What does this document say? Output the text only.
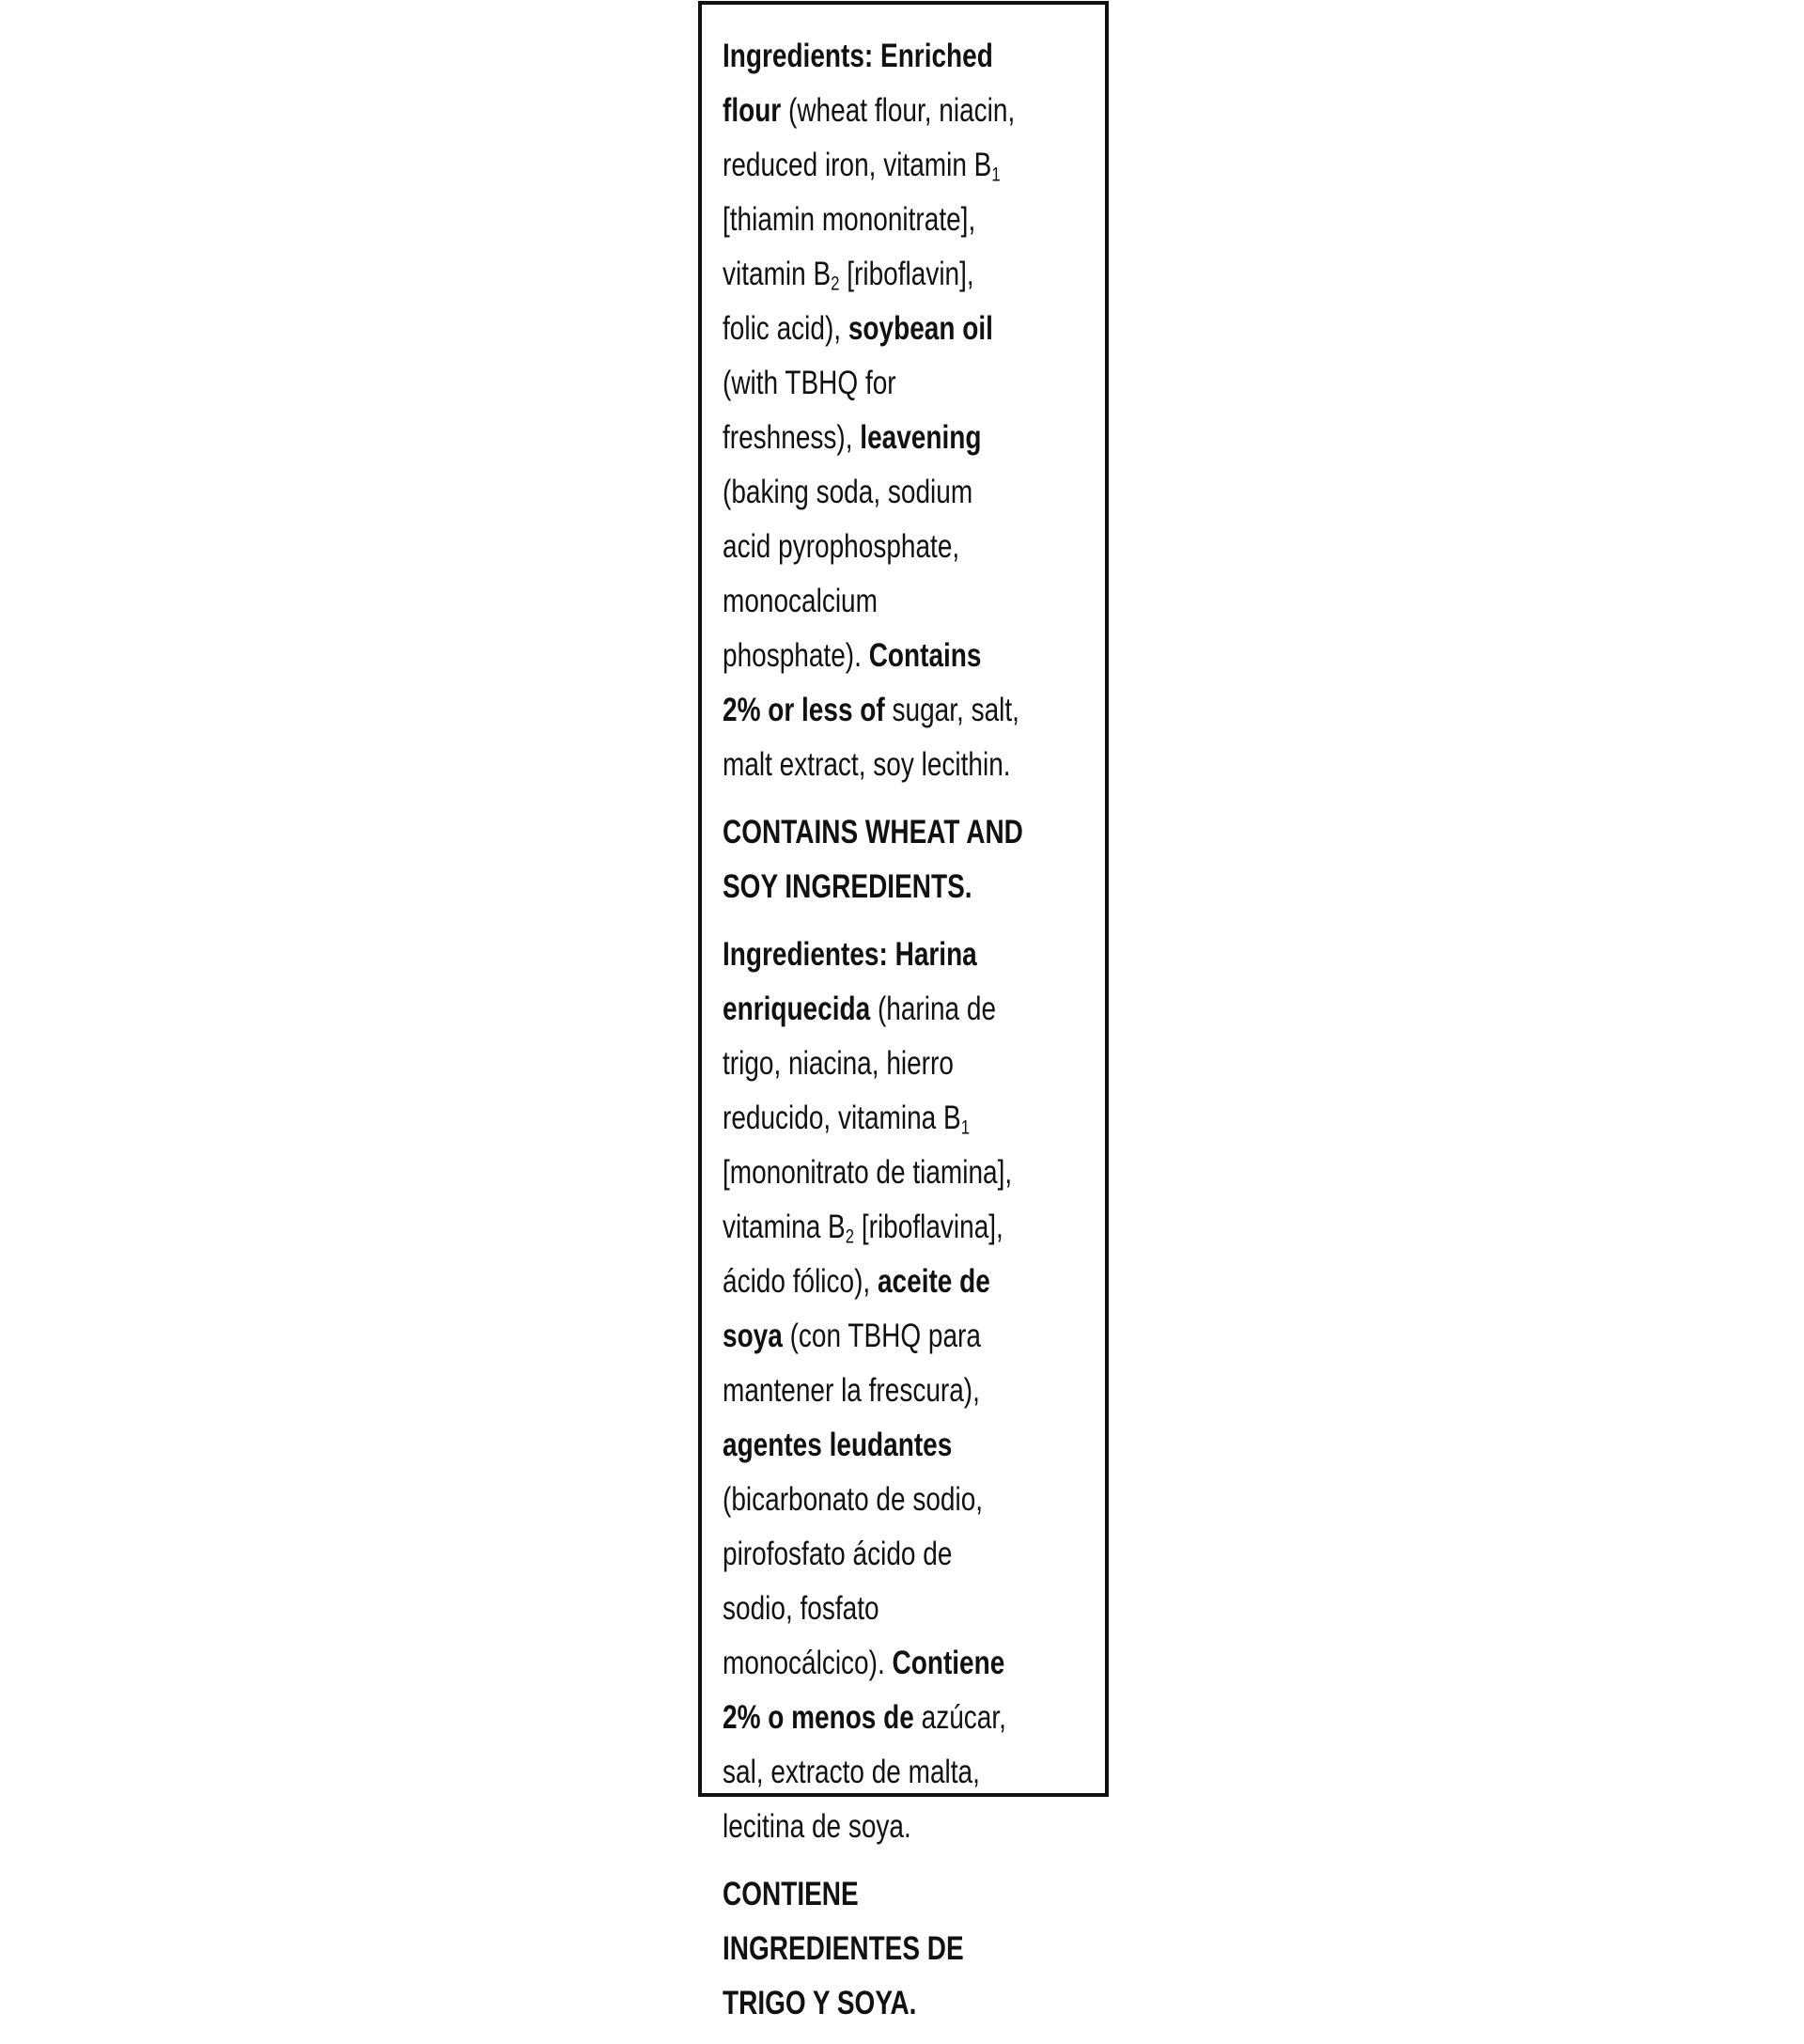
Ingredients: Enriched flour (wheat flour, niacin, reduced iron, vitamin $B_1$ [thiamin mononitrate], vitamin $B_2$ [riboflavin], folic acid), soybean oil (with TBHQ for freshness), leavening (baking soda, sodium acid pyrophosphate, monocalcium phosphate). Contains 2% or less of sugar, salt, malt extract, soy lecithin.

CONTAINS WHEAT AND SOY INGREDIENTS.

Ingredientes: Harina enriquecida (harina de trigo, niacina, hierro reducido, vitamina $B_1$ [mononitrato de tiamina], vitamina $B_2$ [riboflavina], ácido fólico), aceite de soya (con TBHQ para mantener la frescura), agentes leudantes (bicarbonato de sodio, pirofosfato ácido de sodio, fosfato monocálcico). Contiene 2% o menos de azúcar, sal, extracto de malta, lecitina de soya.

CONTIENE INGREDIENTES DE TRIGO Y SOYA.
